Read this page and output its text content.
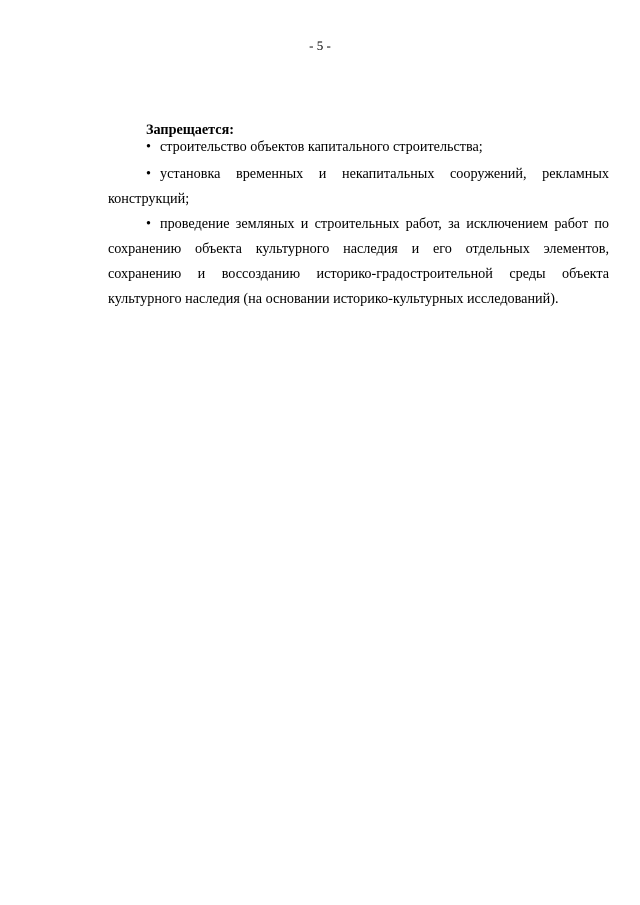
- 5 -

Запрещается:

• строительство объектов капитального строительства;

• установка временных и некапитальных сооружений, рекламных конструкций;

• проведение земляных и строительных работ, за исключением работ по сохранению объекта культурного наследия и его отдельных элементов, сохранению и воссозданию историко-градостроительной среды объекта культурного наследия (на основании историко-культурных исследований).
